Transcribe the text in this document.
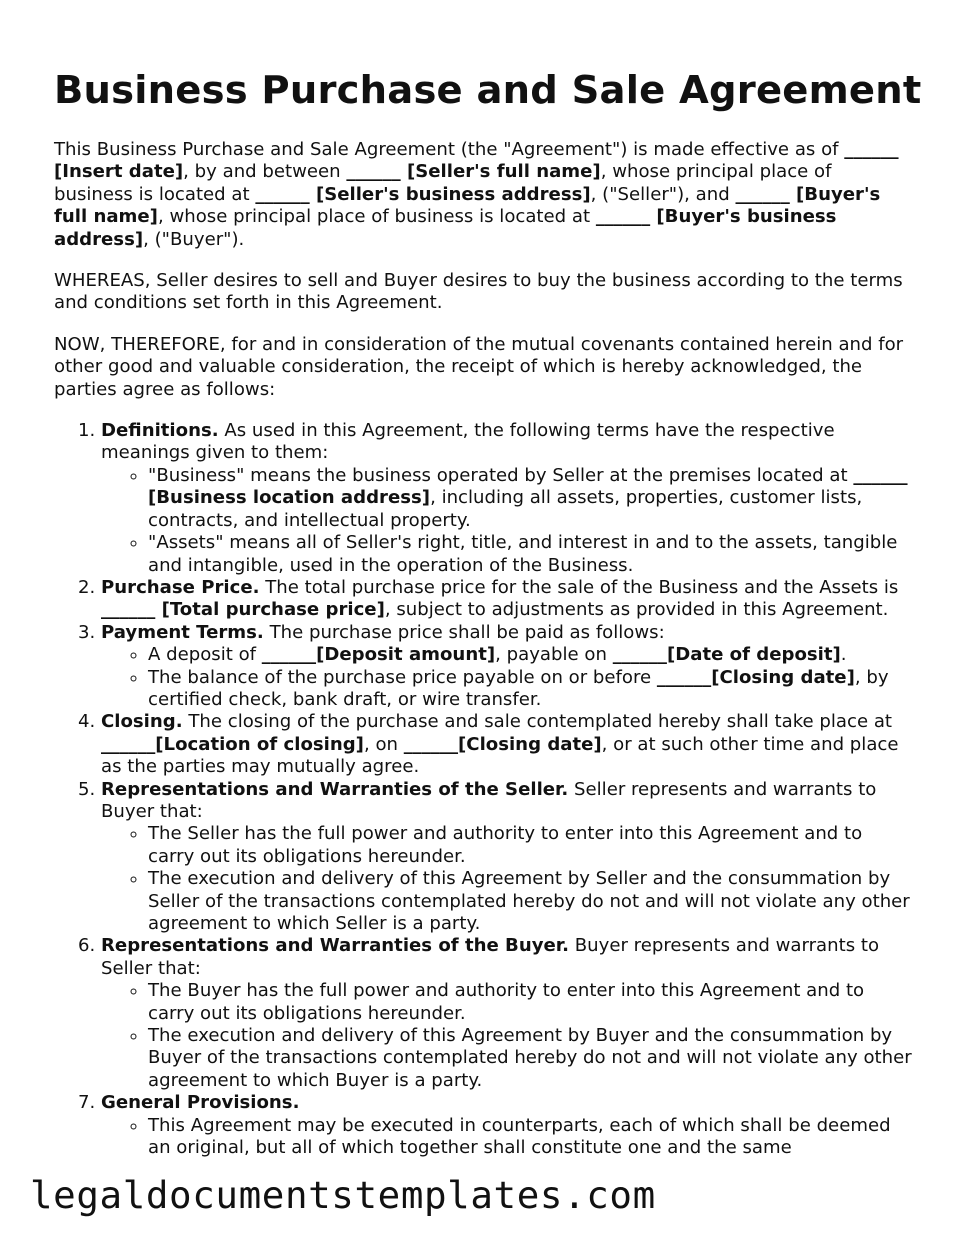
Business Purchase and Sale Agreement

This Business Purchase and Sale Agreement (the "Agreement") is made effective as of ______ [Insert date], by and between ______ [Seller's full name], whose principal place of business is located at ______ [Seller's business address], ("Seller"), and ______ [Buyer's full name], whose principal place of business is located at ______ [Buyer's business address], ("Buyer").

WHEREAS, Seller desires to sell and Buyer desires to buy the business according to the terms and conditions set forth in this Agreement.

NOW, THEREFORE, for and in consideration of the mutual covenants contained herein and for other good and valuable consideration, the receipt of which is hereby acknowledged, the parties agree as follows:

1. Definitions. As used in this Agreement, the following terms have the respective meanings given to them:
◦ "Business" means the business operated by Seller at the premises located at ______ [Business location address], including all assets, properties, customer lists, contracts, and intellectual property.
◦ "Assets" means all of Seller's right, title, and interest in and to the assets, tangible and intangible, used in the operation of the Business.
2. Purchase Price. The total purchase price for the sale of the Business and the Assets is ______ [Total purchase price], subject to adjustments as provided in this Agreement.
3. Payment Terms. The purchase price shall be paid as follows:
◦ A deposit of ______[Deposit amount], payable on ______[Date of deposit].
◦ The balance of the purchase price payable on or before ______[Closing date], by certified check, bank draft, or wire transfer.
4. Closing. The closing of the purchase and sale contemplated hereby shall take place at ______[Location of closing], on ______[Closing date], or at such other time and place as the parties may mutually agree.
5. Representations and Warranties of the Seller. Seller represents and warrants to Buyer that:
◦ The Seller has the full power and authority to enter into this Agreement and to carry out its obligations hereunder.
◦ The execution and delivery of this Agreement by Seller and the consummation by Seller of the transactions contemplated hereby do not and will not violate any other agreement to which Seller is a party.
6. Representations and Warranties of the Buyer. Buyer represents and warrants to Seller that:
◦ The Buyer has the full power and authority to enter into this Agreement and to carry out its obligations hereunder.
◦ The execution and delivery of this Agreement by Buyer and the consummation by Buyer of the transactions contemplated hereby do not and will not violate any other agreement to which Buyer is a party.
7. General Provisions.
◦ This Agreement may be executed in counterparts, each of which shall be deemed an original, but all of which together shall constitute one and the same
legaldocumentstemplates.com
